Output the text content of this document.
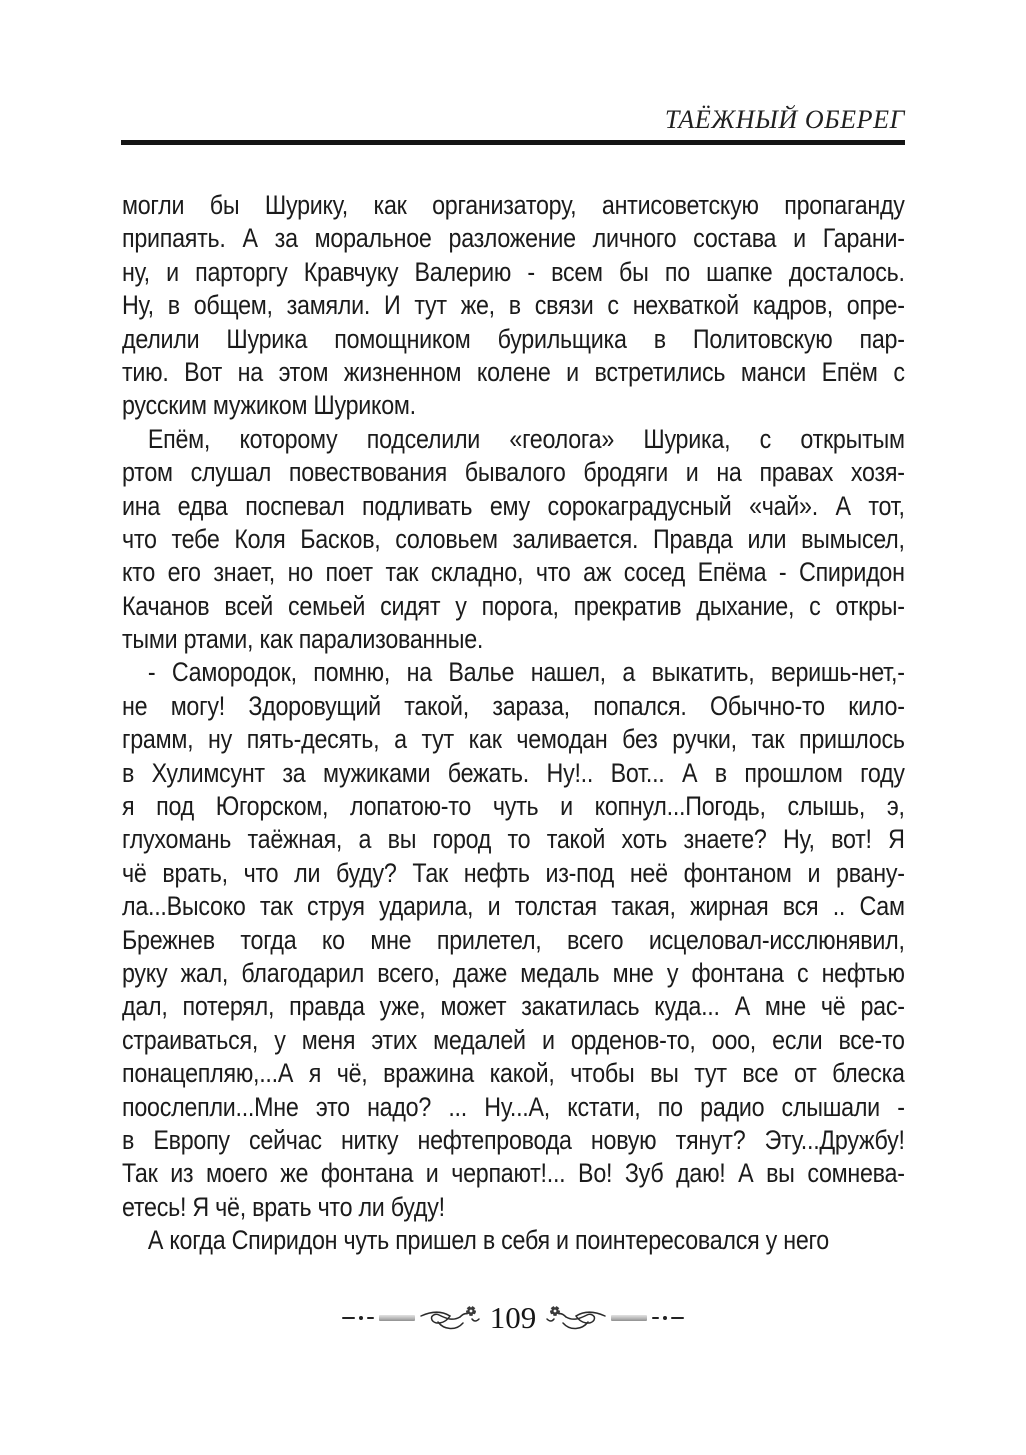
ТАЁЖНЫЙ ОБЕРЕГ
могли бы Шурику, как организатору, антисоветскую пропаганду
припаять. А за моральное разложение личного состава и Гарани-
ну, и парторгу Кравчуку Валерию - всем бы по шапке досталось.
Ну, в общем, замяли. И тут же, в связи с нехваткой кадров, опре-
делили Шурика помощником бурильщика в Политовскую пар-
тию. Вот на этом жизненном колене и встретились манси Епём с
русским мужиком Шуриком.
Епём, которому подселили «геолога» Шурика, с открытым
ртом слушал повествования бывалого бродяги и на правах хозя-
ина едва поспевал подливать ему сорокаградусный «чай». А тот,
что тебе Коля Басков, соловьем заливается. Правда или вымысел,
кто его знает, но поет так складно, что аж сосед Епёма - Спиридон
Качанов всей семьей сидят у порога, прекратив дыхание, с откры-
тыми ртами, как парализованные.
- Самородок, помню, на Валье нашел, а выкатить, веришь-нет,-
не могу! Здоровущий такой, зараза, попался. Обычно-то кило-
грамм, ну пять-десять, а тут как чемодан без ручки, так пришлось
в Хулимсунт за мужиками бежать. Ну!.. Вот... А в прошлом году
я под Югорском, лопатою-то чуть и копнул...Погодь, слышь, э,
глухомань таёжная, а вы город то такой хоть знаете? Ну, вот! Я
чё врать, что ли буду? Так нефть из-под неё фонтаном и рвану-
ла...Высоко так струя ударила, и толстая такая, жирная вся .. Сам
Брежнев тогда ко мне прилетел, всего исцеловал-исслюнявил,
руку жал, благодарил всего, даже медаль мне у фонтана с нефтью
дал, потерял, правда уже, может закатилась куда... А мне чё рас-
страиваться, у меня этих медалей и орденов-то, ооо, если все-то
понацепляю,...А я чё, вражина какой, чтобы вы тут все от блеска
поослепли...Мне это надо? ... Ну...А, кстати, по радио слышали -
в Европу сейчас нитку нефтепровода новую тянут? Эту...Дружбу!
Так из моего же фонтана и черпают!... Во! Зуб даю! А вы сомнева-
етесь! Я чё, врать что ли буду!
А когда Спиридон чуть пришел в себя и поинтересовался у него
109
